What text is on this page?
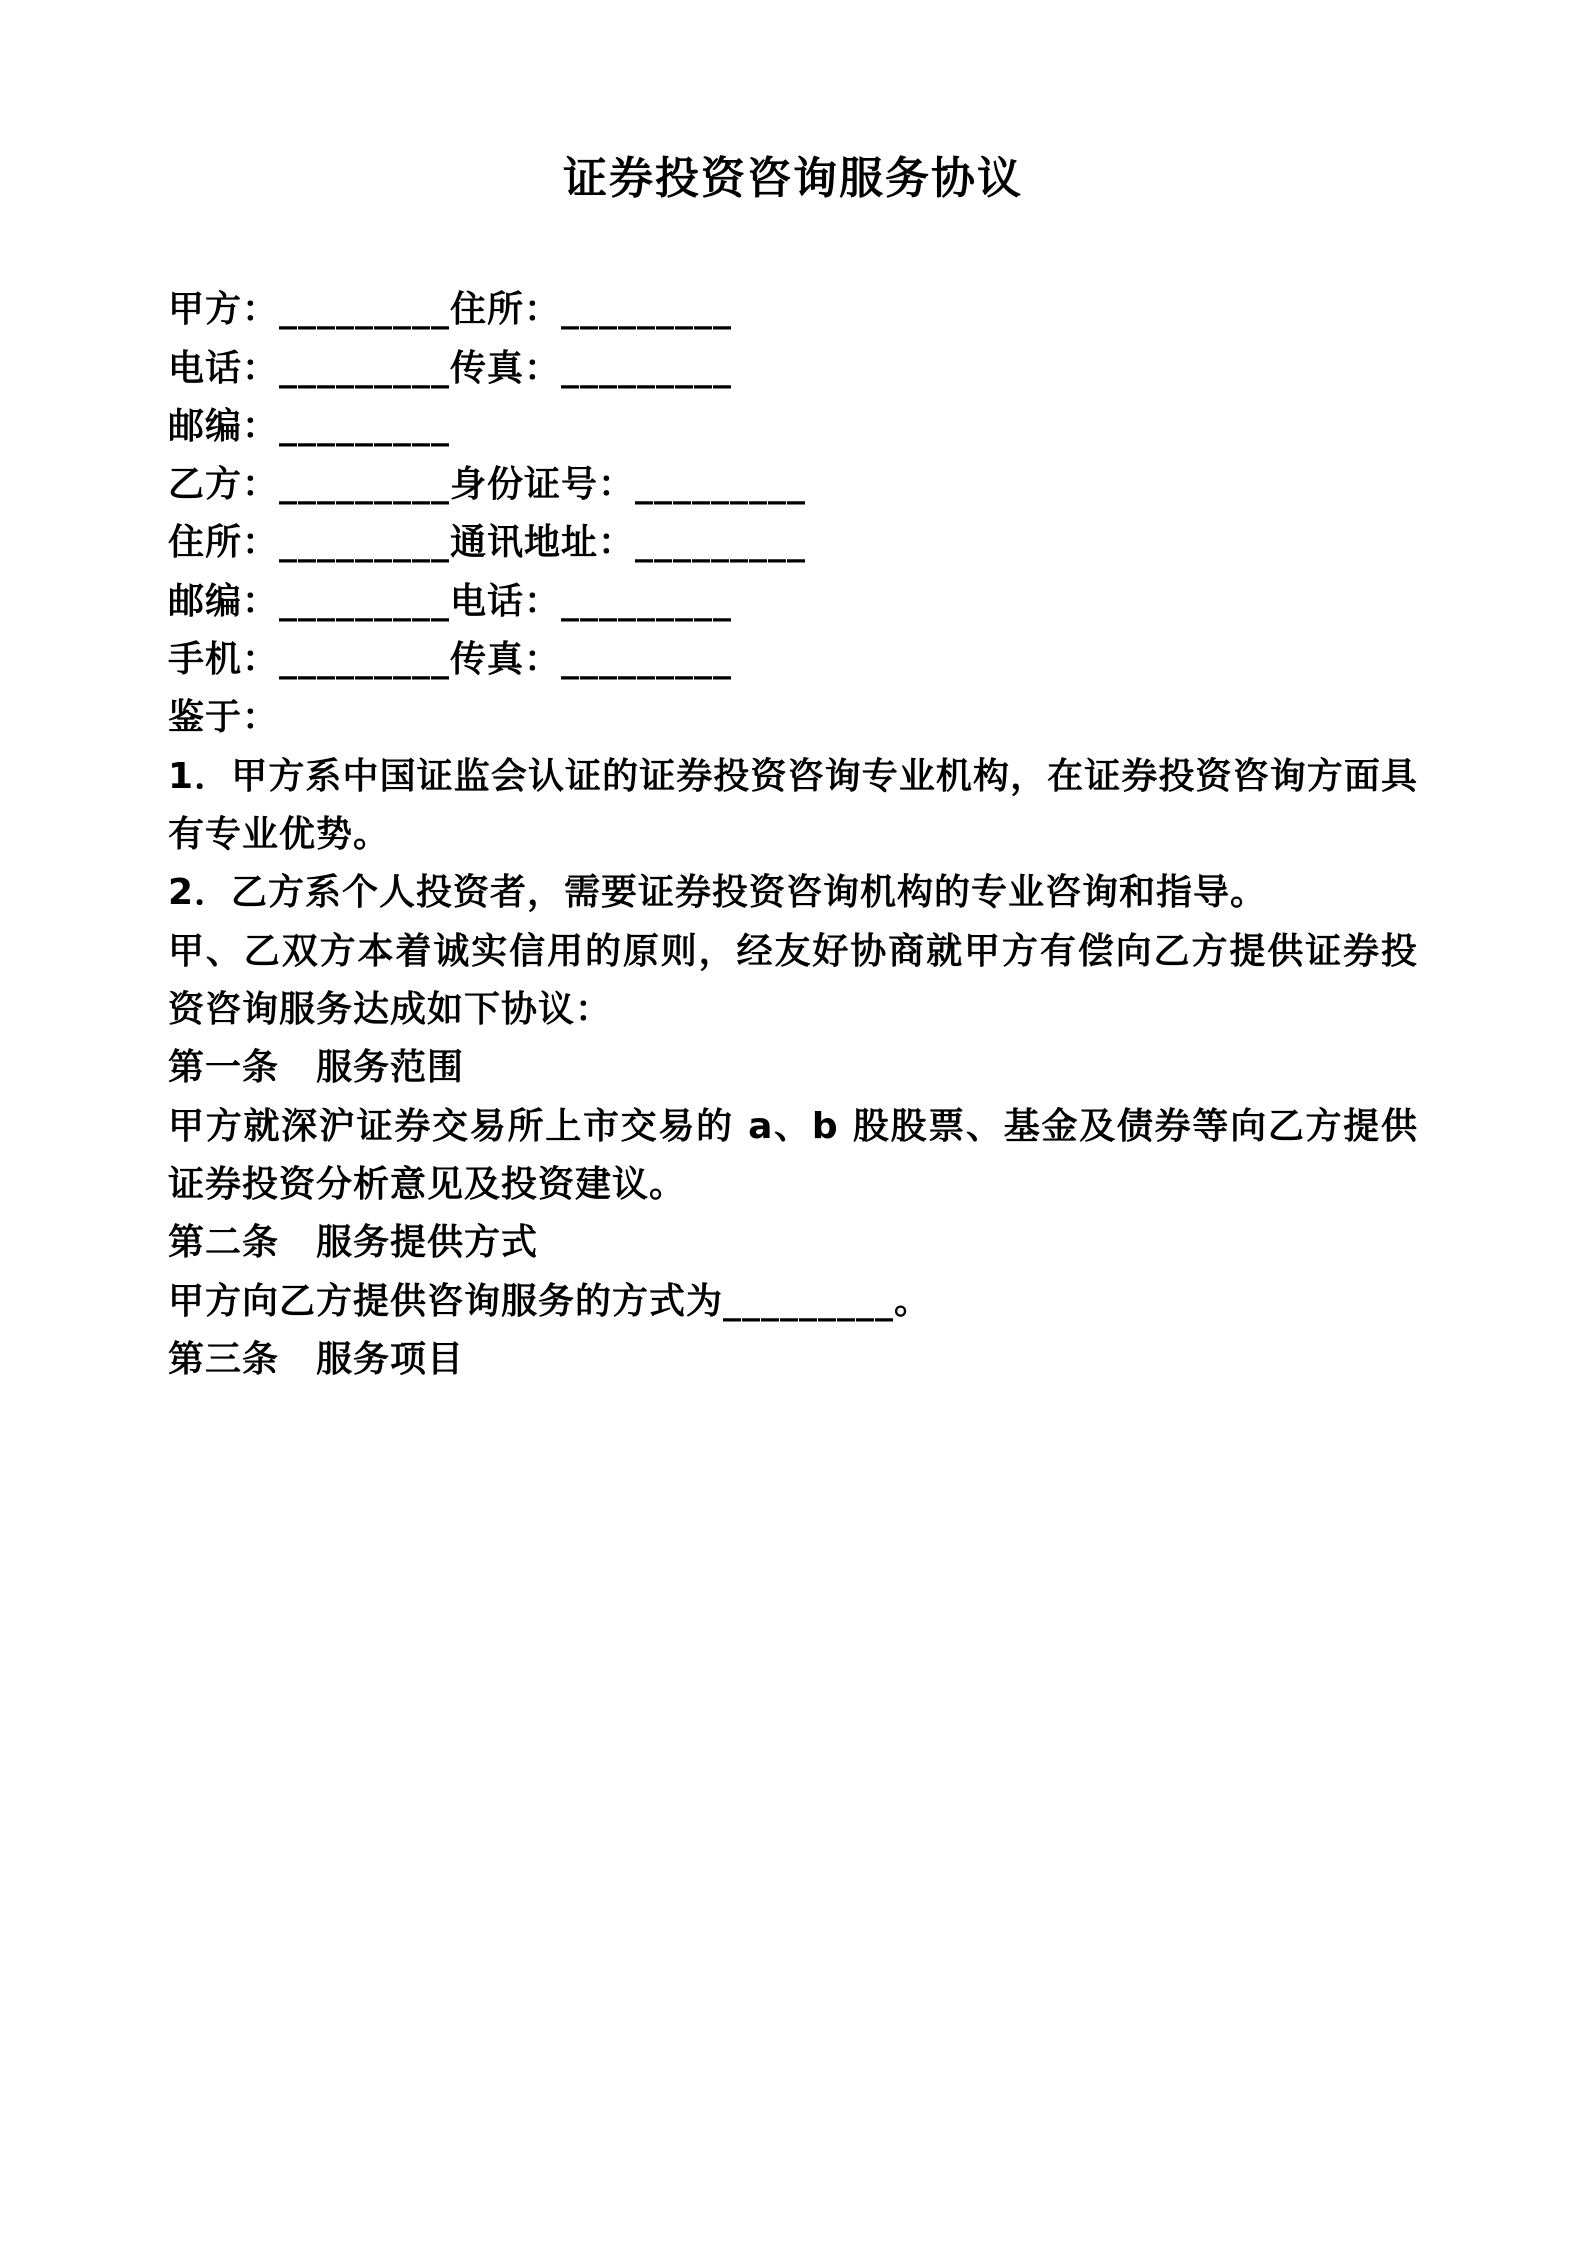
证券投资咨询服务协议

甲方：_________住所：_________

电话：_________传真：_________

邮编：_________

乙方：_________身份证号：_________

住所：_________通讯地址：_________

邮编：_________电话：_________

手机：_________传真：_________

鉴于：

1．甲方系中国证监会认证的证券投资咨询专业机构，在证券投资咨询方面具有专业优势。

2．乙方系个人投资者，需要证券投资咨询机构的专业咨询和指导。

甲、乙双方本着诚实信用的原则，经友好协商就甲方有偿向乙方提供证券投资咨询服务达成如下协议：

第一条　服务范围

甲方就深沪证券交易所上市交易的 a、b 股股票、基金及债券等向乙方提供证券投资分析意见及投资建议。

第二条　服务提供方式

甲方向乙方提供咨询服务的方式为_________。

第三条　服务项目
